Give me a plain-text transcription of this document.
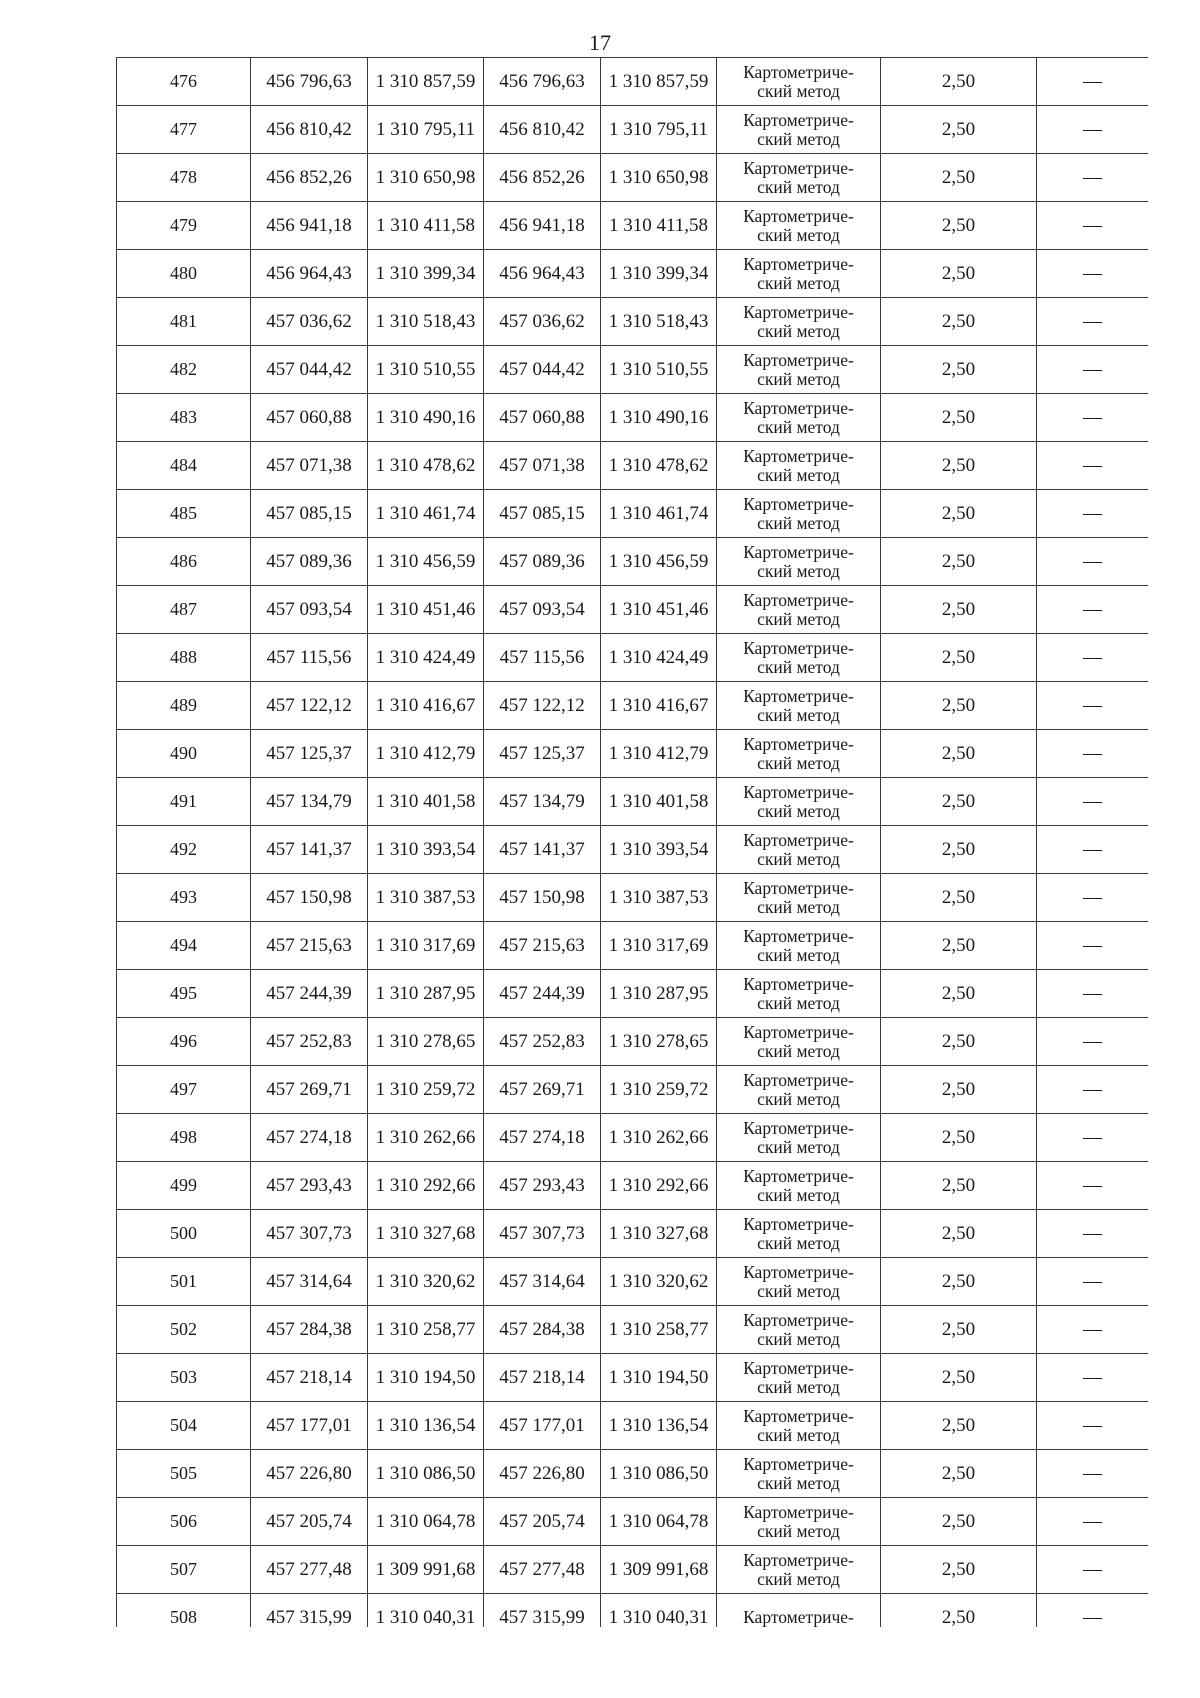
17
476	456 796,63	1 310 857,59	456 796,63	1 310 857,59	Картометриче-
ский метод	2,50	—
477	456 810,42	1 310 795,11	456 810,42	1 310 795,11	Картометриче-
ский метод	2,50	—
478	456 852,26	1 310 650,98	456 852,26	1 310 650,98	Картометриче-
ский метод	2,50	—
479	456 941,18	1 310 411,58	456 941,18	1 310 411,58	Картометриче-
ский метод	2,50	—
480	456 964,43	1 310 399,34	456 964,43	1 310 399,34	Картометриче-
ский метод	2,50	—
481	457 036,62	1 310 518,43	457 036,62	1 310 518,43	Картометриче-
ский метод	2,50	—
482	457 044,42	1 310 510,55	457 044,42	1 310 510,55	Картометриче-
ский метод	2,50	—
483	457 060,88	1 310 490,16	457 060,88	1 310 490,16	Картометриче-
ский метод	2,50	—
484	457 071,38	1 310 478,62	457 071,38	1 310 478,62	Картометриче-
ский метод	2,50	—
485	457 085,15	1 310 461,74	457 085,15	1 310 461,74	Картометриче-
ский метод	2,50	—
486	457 089,36	1 310 456,59	457 089,36	1 310 456,59	Картометриче-
ский метод	2,50	—
487	457 093,54	1 310 451,46	457 093,54	1 310 451,46	Картометриче-
ский метод	2,50	—
488	457 115,56	1 310 424,49	457 115,56	1 310 424,49	Картометриче-
ский метод	2,50	—
489	457 122,12	1 310 416,67	457 122,12	1 310 416,67	Картометриче-
ский метод	2,50	—
490	457 125,37	1 310 412,79	457 125,37	1 310 412,79	Картометриче-
ский метод	2,50	—
491	457 134,79	1 310 401,58	457 134,79	1 310 401,58	Картометриче-
ский метод	2,50	—
492	457 141,37	1 310 393,54	457 141,37	1 310 393,54	Картометриче-
ский метод	2,50	—
493	457 150,98	1 310 387,53	457 150,98	1 310 387,53	Картометриче-
ский метод	2,50	—
494	457 215,63	1 310 317,69	457 215,63	1 310 317,69	Картометриче-
ский метод	2,50	—
495	457 244,39	1 310 287,95	457 244,39	1 310 287,95	Картометриче-
ский метод	2,50	—
496	457 252,83	1 310 278,65	457 252,83	1 310 278,65	Картометриче-
ский метод	2,50	—
497	457 269,71	1 310 259,72	457 269,71	1 310 259,72	Картометриче-
ский метод	2,50	—
498	457 274,18	1 310 262,66	457 274,18	1 310 262,66	Картометриче-
ский метод	2,50	—
499	457 293,43	1 310 292,66	457 293,43	1 310 292,66	Картометриче-
ский метод	2,50	—
500	457 307,73	1 310 327,68	457 307,73	1 310 327,68	Картометриче-
ский метод	2,50	—
501	457 314,64	1 310 320,62	457 314,64	1 310 320,62	Картометриче-
ский метод	2,50	—
502	457 284,38	1 310 258,77	457 284,38	1 310 258,77	Картометриче-
ский метод	2,50	—
503	457 218,14	1 310 194,50	457 218,14	1 310 194,50	Картометриче-
ский метод	2,50	—
504	457 177,01	1 310 136,54	457 177,01	1 310 136,54	Картометриче-
ский метод	2,50	—
505	457 226,80	1 310 086,50	457 226,80	1 310 086,50	Картометриче-
ский метод	2,50	—
506	457 205,74	1 310 064,78	457 205,74	1 310 064,78	Картометриче-
ский метод	2,50	—
507	457 277,48	1 309 991,68	457 277,48	1 309 991,68	Картометриче-
ский метод	2,50	—
508	457 315,99	1 310 040,31	457 315,99	1 310 040,31	Картометриче-	2,50	—
